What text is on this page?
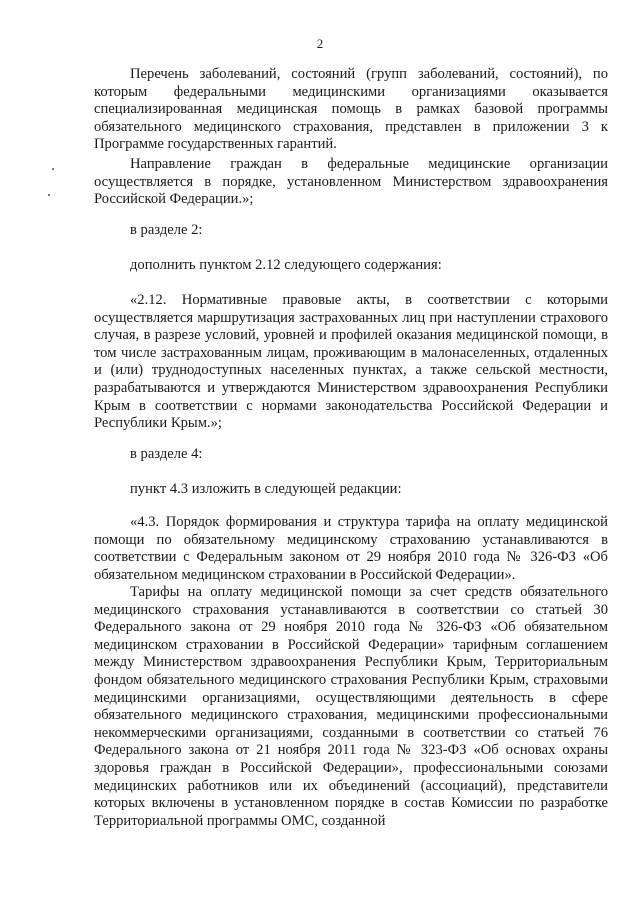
2

Перечень заболеваний, состояний (групп заболеваний, состояний), по которым федеральными медицинскими организациями оказывается специализированная медицинская помощь в рамках базовой программы обязательного медицинского страхования, представлен в приложении 3 к Программе государственных гарантий.

Направление граждан в федеральные медицинские организации осуществляется в порядке, установленном Министерством здравоохранения Российской Федерации.»;

в разделе 2:

дополнить пунктом 2.12 следующего содержания:

«2.12. Нормативные правовые акты, в соответствии с которыми осуществляется маршрутизация застрахованных лиц при наступлении страхового случая, в разрезе условий, уровней и профилей оказания медицинской помощи, в том числе застрахованным лицам, проживающим в малонаселенных, отдаленных и (или) труднодоступных населенных пунктах, а также сельской местности, разрабатываются и утверждаются Министерством здравоохранения Республики Крым в соответствии с нормами законодательства Российской Федерации и Республики Крым.»;

в разделе 4:

пункт 4.3 изложить в следующей редакции:

«4.3. Порядок формирования и структура тарифа на оплату медицинской помощи по обязательному медицинскому страхованию устанавливаются в соответствии с Федеральным законом от 29 ноября 2010 года № 326-ФЗ «Об обязательном медицинском страховании в Российской Федерации».

Тарифы на оплату медицинской помощи за счет средств обязательного медицинского страхования устанавливаются в соответствии со статьей 30 Федерального закона от 29 ноября 2010 года № 326-ФЗ «Об обязательном медицинском страховании в Российской Федерации» тарифным соглашением между Министерством здравоохранения Республики Крым, Территориальным фондом обязательного медицинского страхования Республики Крым, страховыми медицинскими организациями, осуществляющими деятельность в сфере обязательного медицинского страхования, медицинскими профессиональными некоммерческими организациями, созданными в соответствии со статьей 76 Федерального закона от 21 ноября 2011 года № 323-ФЗ «Об основах охраны здоровья граждан в Российской Федерации», профессиональными союзами медицинских работников или их объединений (ассоциаций), представители которых включены в установленном порядке в состав Комиссии по разработке Территориальной программы ОМС, созданной
